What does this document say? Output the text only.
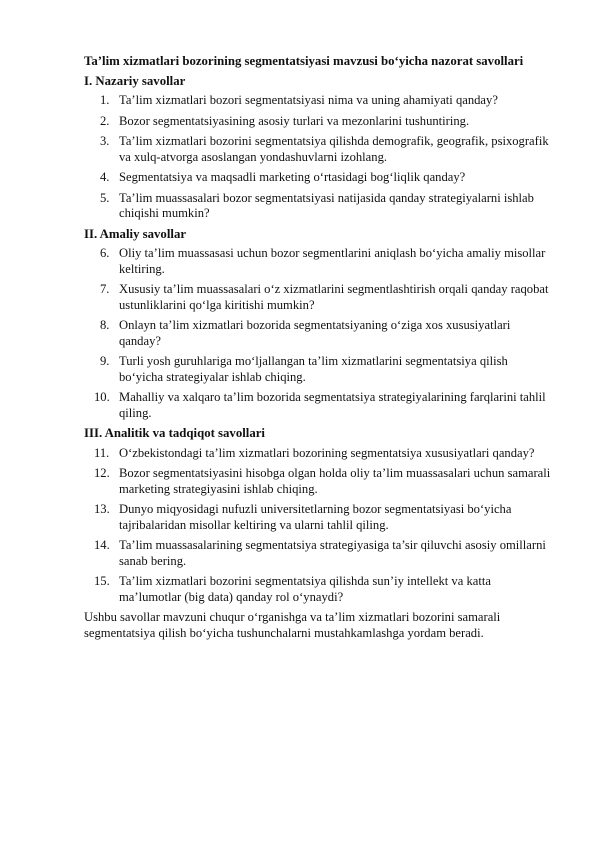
Ta’lim xizmatlari bozorining segmentatsiyasi mavzusi bo‘yicha nazorat savollari

I. Nazariy savollar

1. Ta’lim xizmatlari bozori segmentatsiyasi nima va uning ahamiyati qanday?
2. Bozor segmentatsiyasining asosiy turlari va mezonlarini tushuntiring.
3. Ta’lim xizmatlari bozorini segmentatsiya qilishda demografik, geografik, psixografik va xulq-atvorga asoslangan yondashuvlarni izohlang.
4. Segmentatsiya va maqsadli marketing o‘rtasidagi bog‘liqlik qanday?
5. Ta’lim muassasalari bozor segmentatsiyasi natijasida qanday strategiyalarni ishlab chiqishi mumkin?

II. Amaliy savollar

6. Oliy ta’lim muassasasi uchun bozor segmentlarini aniqlash bo‘yicha amaliy misollar keltiring.
7. Xususiy ta’lim muassasalari o‘z xizmatlarini segmentlashtirish orqali qanday raqobat ustunliklarini qo‘lga kiritishi mumkin?
8. Onlayn ta’lim xizmatlari bozorida segmentatsiyaning o‘ziga xos xususiyatlari qanday?
9. Turli yosh guruhlariga mo‘ljallangan ta’lim xizmatlarini segmentatsiya qilish bo‘yicha strategiyalar ishlab chiqing.
10. Mahalliy va xalqaro ta’lim bozorida segmentatsiya strategiyalarining farqlarini tahlil qiling.

III. Analitik va tadqiqot savollari

11. O‘zbekistondagi ta’lim xizmatlari bozorining segmentatsiya xususiyatlari qanday?
12. Bozor segmentatsiyasini hisobga olgan holda oliy ta’lim muassasalari uchun samarali marketing strategiyasini ishlab chiqing.
13. Dunyo miqyosidagi nufuzli universitetlarning bozor segmentatsiyasi bo‘yicha tajribalaridan misollar keltiring va ularni tahlil qiling.
14. Ta’lim muassasalarining segmentatsiya strategiyasiga ta’sir qiluvchi asosiy omillarni sanab bering.
15. Ta’lim xizmatlari bozorini segmentatsiya qilishda sun’iy intellekt va katta ma’lumotlar (big data) qanday rol o‘ynaydi?

Ushbu savollar mavzuni chuqur o‘rganishga va ta’lim xizmatlari bozorini samarali segmentatsiya qilish bo‘yicha tushunchalarni mustahkamlashga yordam beradi.
